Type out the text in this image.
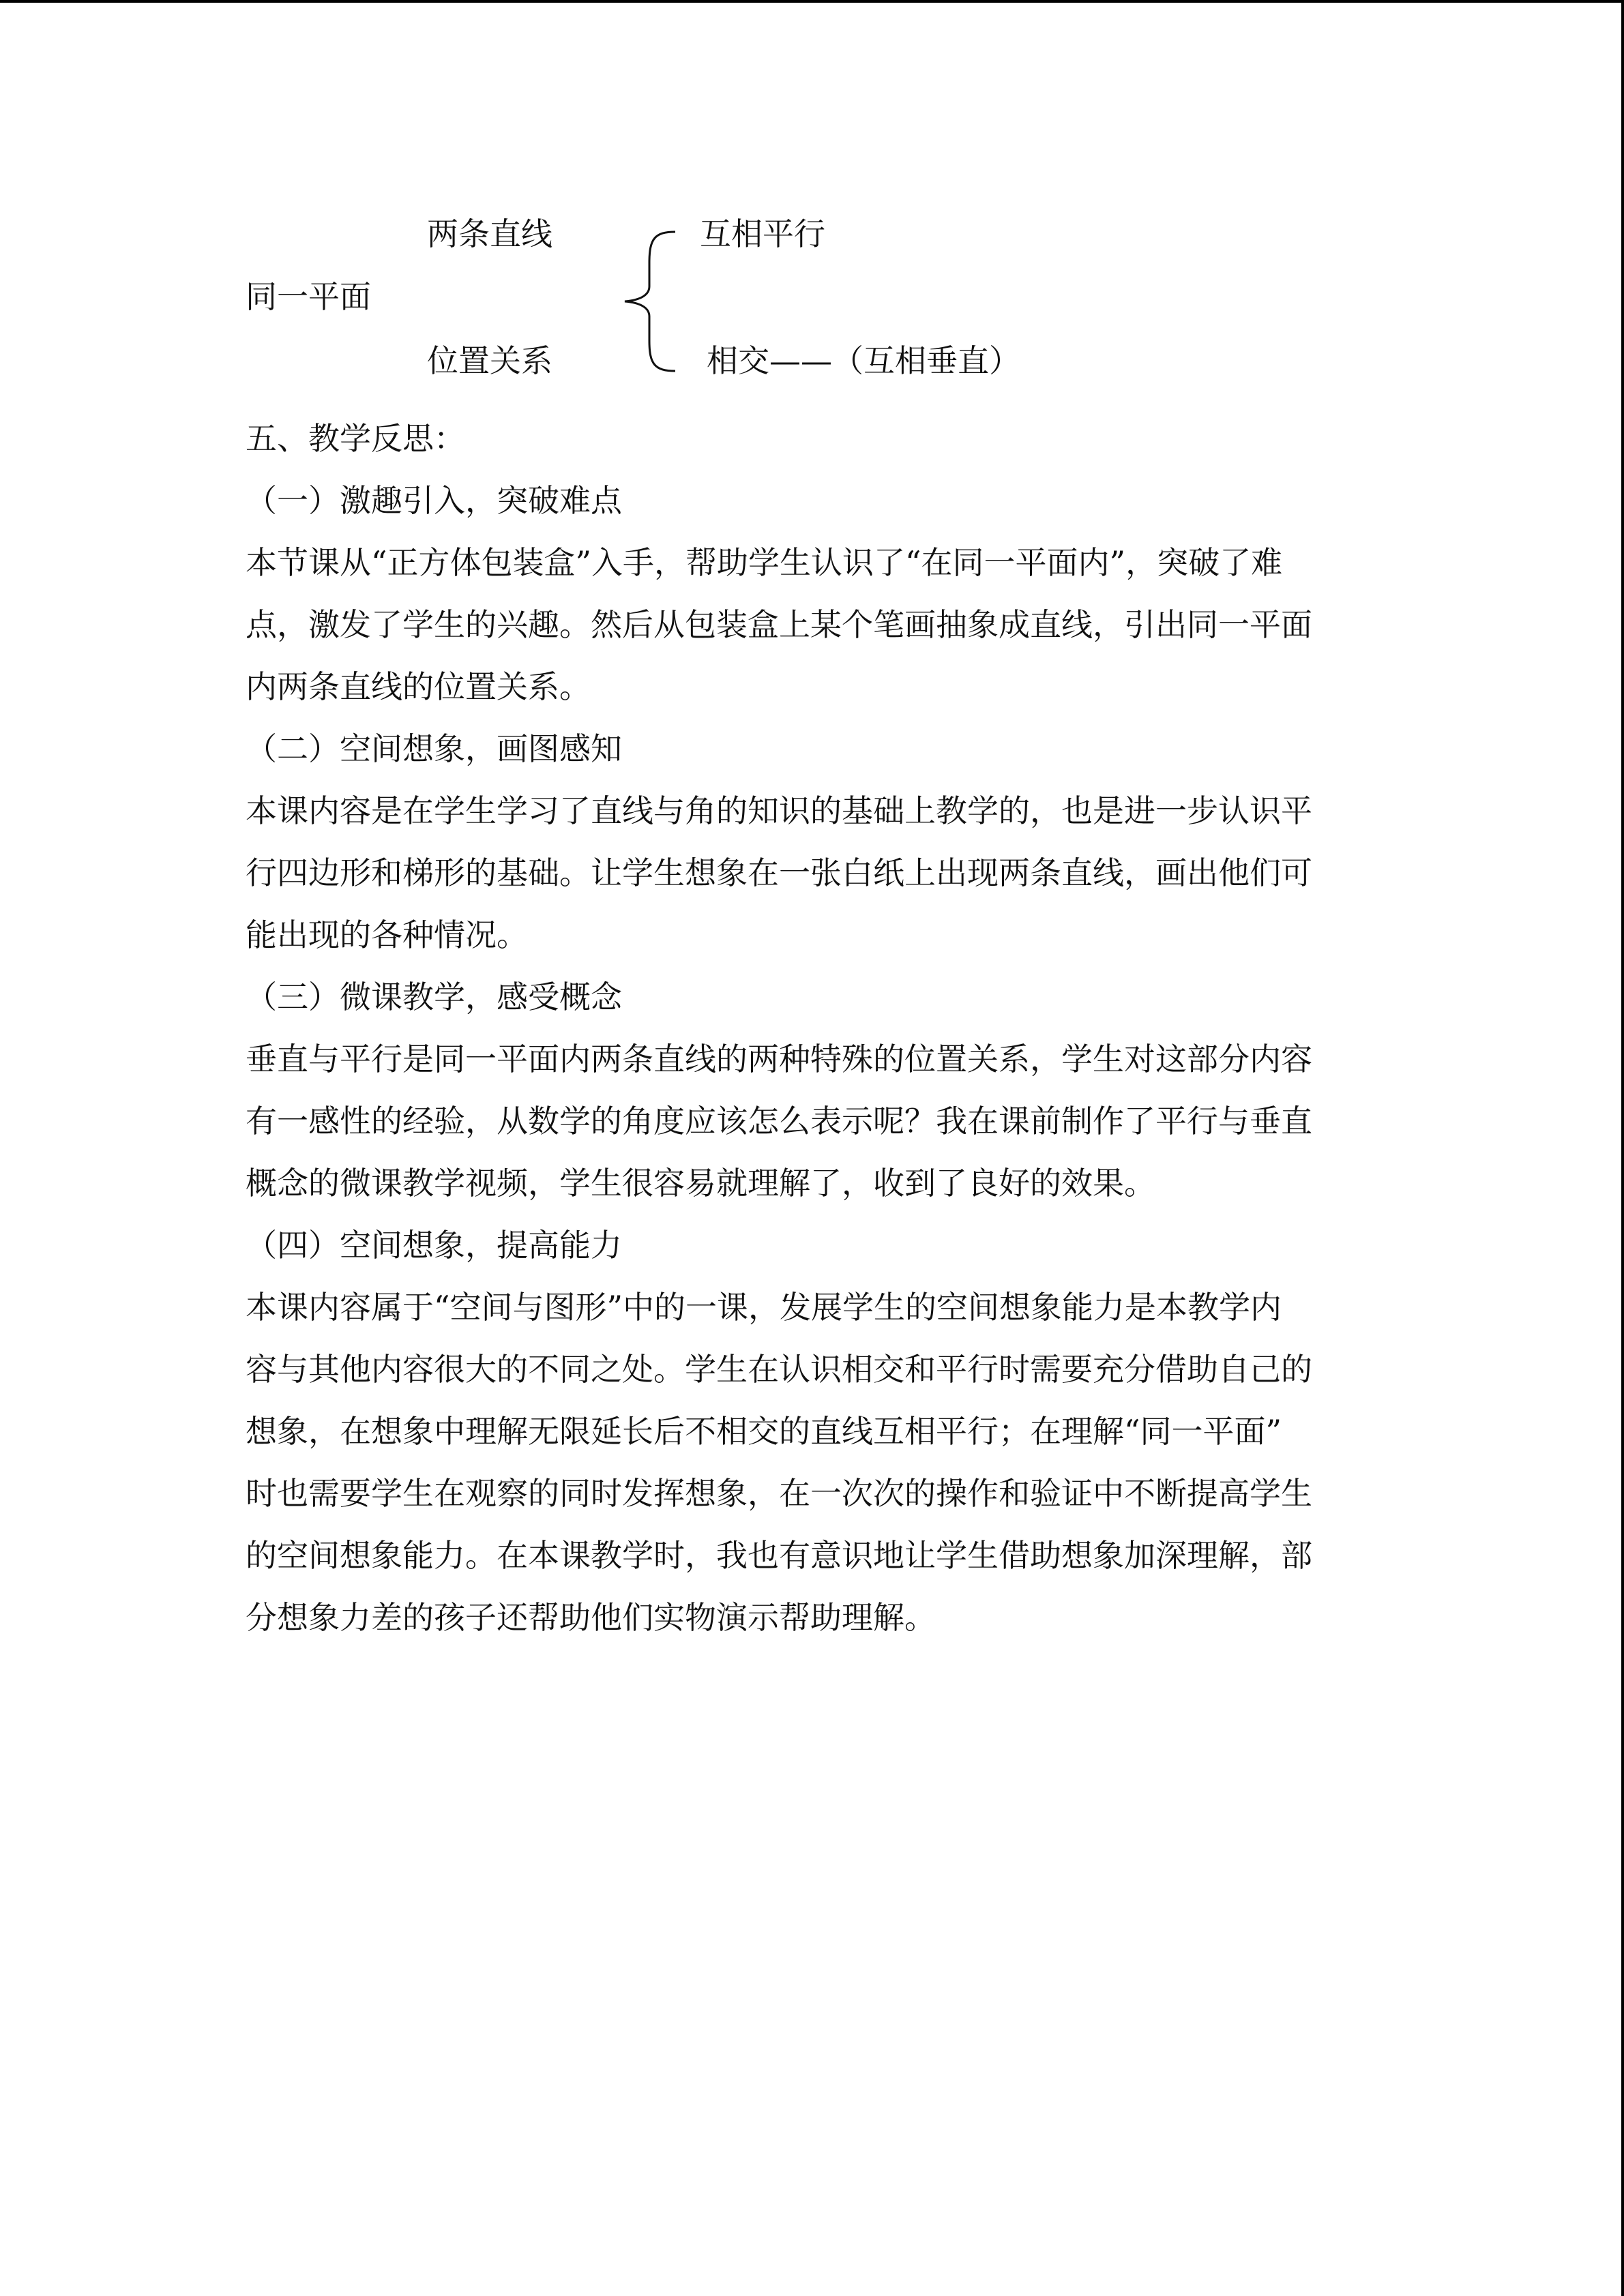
两条直线
同一平面
位置关系
互相平行
相交——（互相垂直）
五、教学反思：
（一）激趣引入，突破难点
本节课从“正方体包装盒”入手，帮助学生认识了“在同一平面内”，突破了难
点，激发了学生的兴趣。然后从包装盒上某个笔画抽象成直线，引出同一平面
内两条直线的位置关系。
（二）空间想象，画图感知
本课内容是在学生学习了直线与角的知识的基础上教学的，也是进一步认识平
行四边形和梯形的基础。让学生想象在一张白纸上出现两条直线，画出他们可
能出现的各种情况。
（三）微课教学，感受概念
垂直与平行是同一平面内两条直线的两种特殊的位置关系，学生对这部分内容
有一感性的经验，从数学的角度应该怎么表示呢？我在课前制作了平行与垂直
概念的微课教学视频，学生很容易就理解了，收到了良好的效果。
（四）空间想象，提高能力
本课内容属于“空间与图形”中的一课，发展学生的空间想象能力是本教学内
容与其他内容很大的不同之处。学生在认识相交和平行时需要充分借助自己的
想象，在想象中理解无限延长后不相交的直线互相平行；在理解“同一平面”
时也需要学生在观察的同时发挥想象，在一次次的操作和验证中不断提高学生
的空间想象能力。在本课教学时，我也有意识地让学生借助想象加深理解，部
分想象力差的孩子还帮助他们实物演示帮助理解。
